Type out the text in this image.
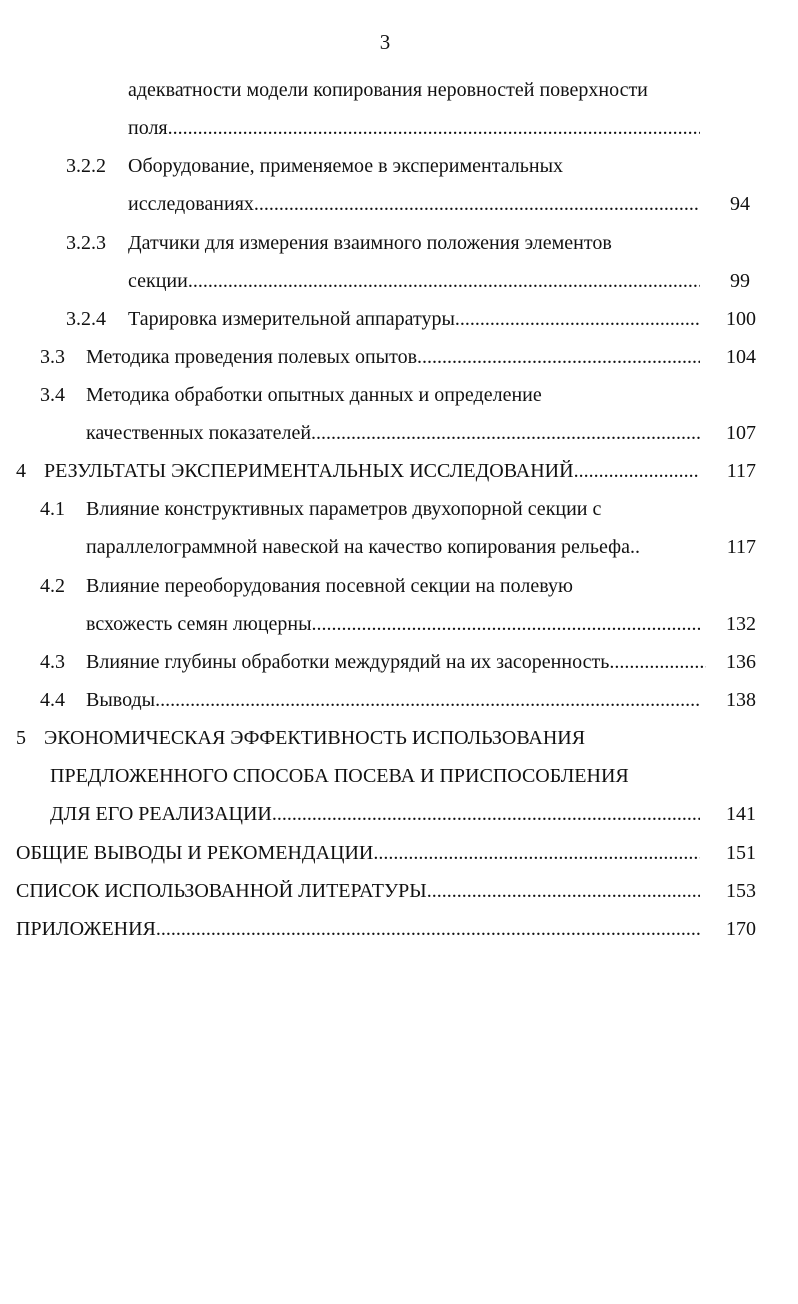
3
адекватности модели копирования неровностей поверхности
поля
.....
3.2.2 Оборудование, применяемое в экспериментальных
исследованиях .....	94
3.2.3 Датчики для измерения взаимного положения элементов
секции .....	99
3.2.4 Тарировка измерительной аппаратуры .....	100
3.3 Методика проведения полевых опытов .....	104
3.4 Методика обработки опытных данных и определение
качественных показателей .....	107
4 РЕЗУЛЬТАТЫ ЭКСПЕРИМЕНТАЛЬНЫХ ИССЛЕДОВАНИЙ .....	117
4.1 Влияние конструктивных параметров двухопорной секции с
параллелограммной навеской на качество копирования рельефа..	117
4.2 Влияние переоборудования посевной секции на полевую
всхожесть семян люцерны .....	132
4.3 Влияние глубины обработки междурядий на их засоренность .....	136
4.4 Выводы .....	138
5 ЭКОНОМИЧЕСКАЯ ЭФФЕКТИВНОСТЬ ИСПОЛЬЗОВАНИЯ
ПРЕДЛОЖЕННОГО СПОСОБА ПОСЕВА И ПРИСПОСОБЛЕНИЯ
ДЛЯ ЕГО РЕАЛИЗАЦИИ .....	141
ОБЩИЕ ВЫВОДЫ И РЕКОМЕНДАЦИИ .....	151
СПИСОК ИСПОЛЬЗОВАННОЙ ЛИТЕРАТУРЫ .....	153
ПРИЛОЖЕНИЯ .....	170
